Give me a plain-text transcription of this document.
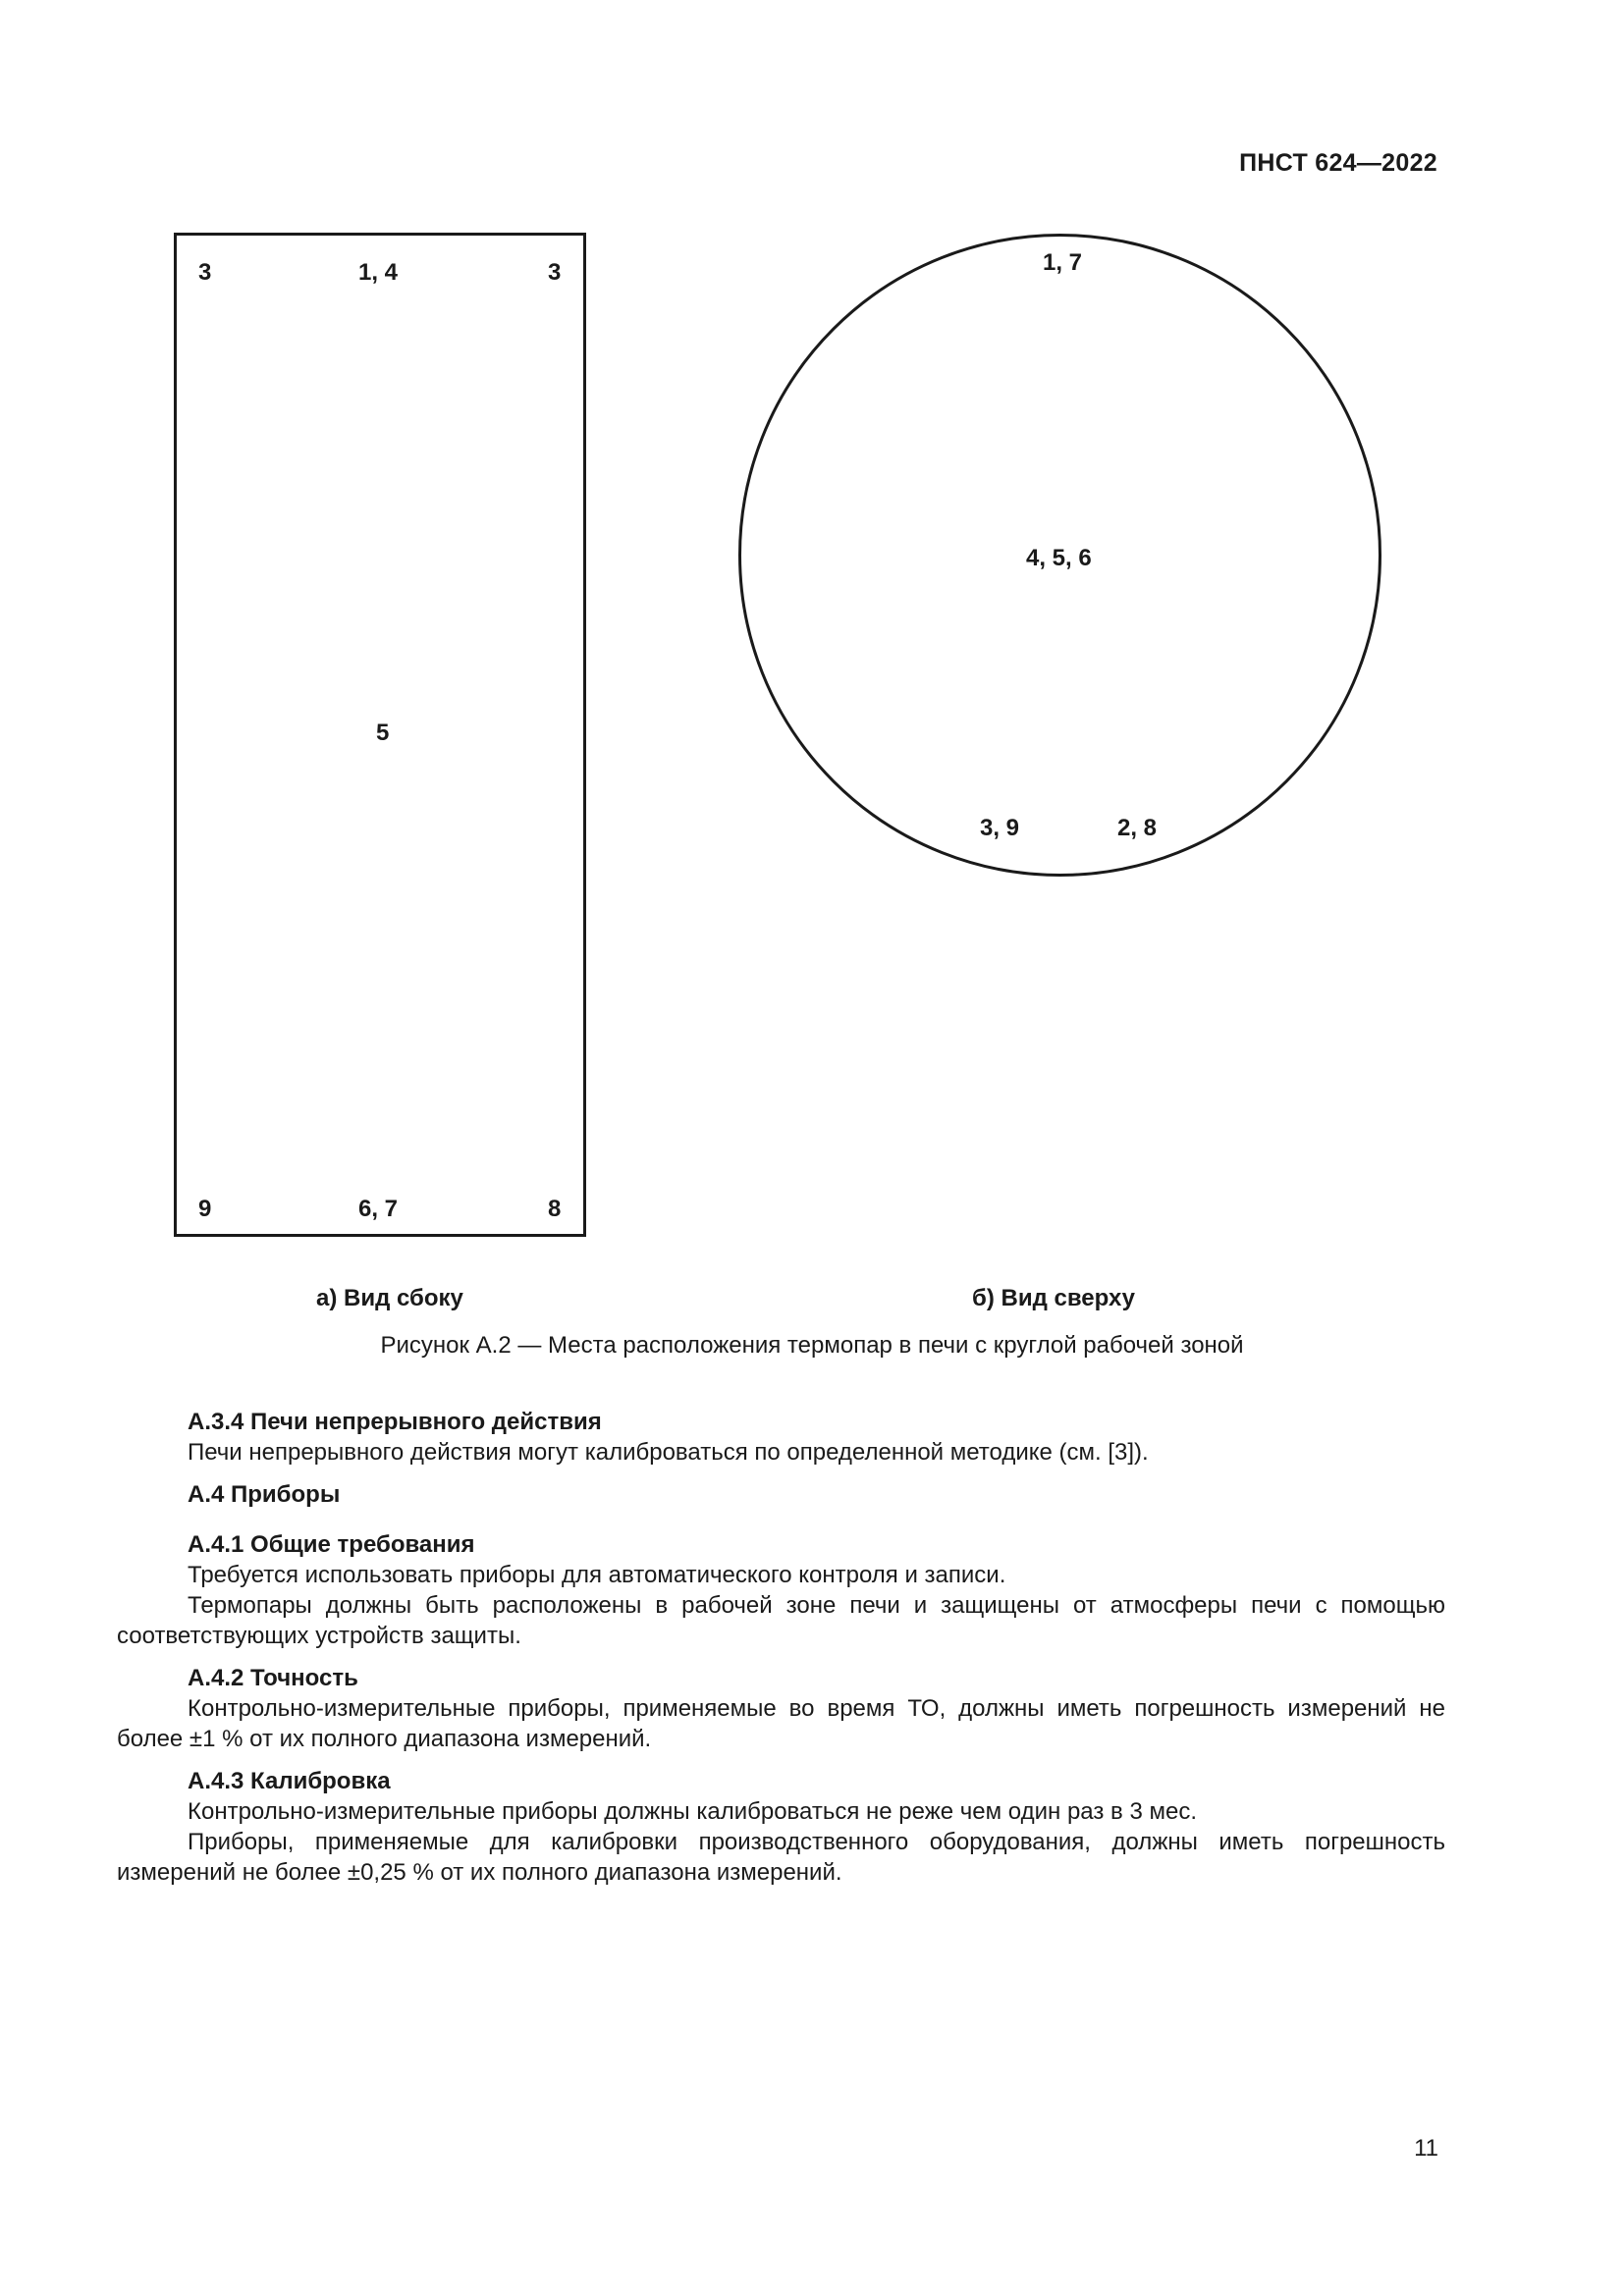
ПНСТ 624—2022
3	1, 4	3
5
9	6, 7	8
1, 7
4, 5, 6
3, 9	2, 8
а) Вид сбоку	б) Вид сверху
Рисунок А.2 — Места расположения термопар в печи с круглой рабочей зоной

А.3.4 Печи непрерывного действия

Печи непрерывного действия могут калиброваться по определенной методике (см. [3]).

А.4 Приборы

А.4.1 Общие требования

Требуется использовать приборы для автоматического контроля и записи.

Термопары должны быть расположены в рабочей зоне печи и защищены от атмосферы печи с помощью соответствующих устройств защиты.

А.4.2 Точность

Контрольно-измерительные приборы, применяемые во время ТО, должны иметь погрешность измерений не более ±1 % от их полного диапазона измерений.

А.4.3 Калибровка

Контрольно-измерительные приборы должны калиброваться не реже чем один раз в 3 мес.

Приборы, применяемые для калибровки производственного оборудования, должны иметь погрешность измерений не более ±0,25 % от их полного диапазона измерений.

11
